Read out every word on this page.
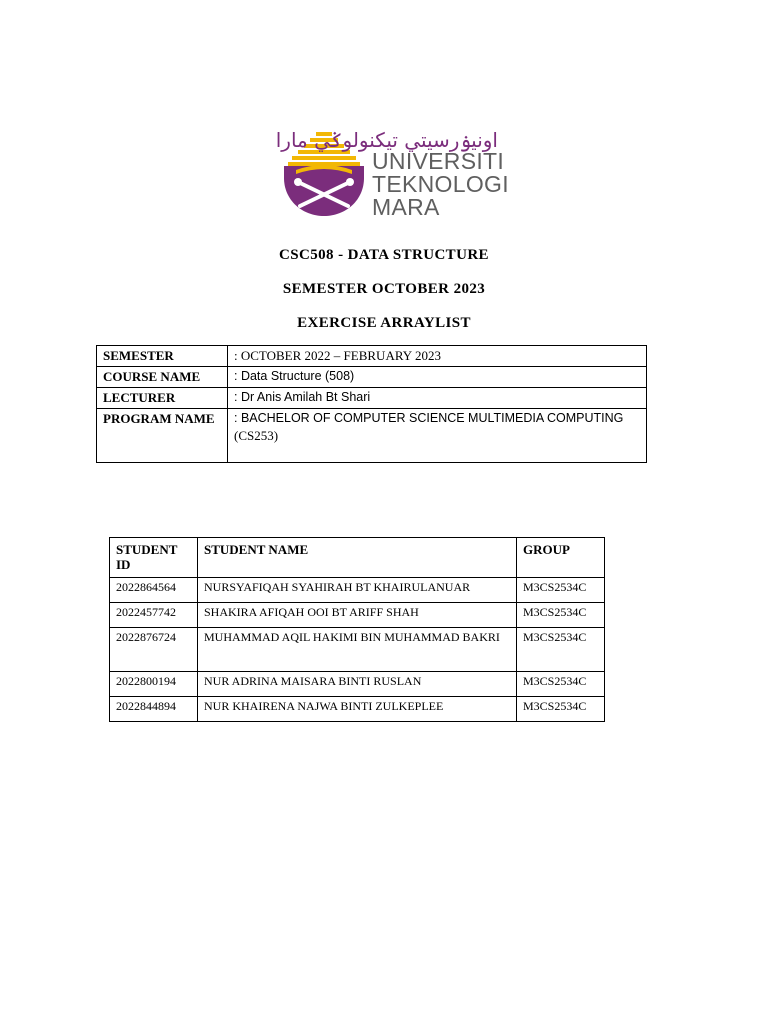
اونيۏرسيتي تيکنولوݢي مارا
UNIVERSITI
TEKNOLOGI
MARA
CSC508 - DATA STRUCTURE
SEMESTER OCTOBER 2023
EXERCISE ARRAYLIST
SEMESTER	: OCTOBER 2022 – FEBRUARY 2023
COURSE NAME	: Data Structure (508)
LECTURER	: Dr Anis Amilah Bt Shari
PROGRAM NAME	: BACHELOR OF COMPUTER SCIENCE MULTIMEDIA COMPUTING
(CS253)
STUDENT ID	STUDENT NAME	GROUP
2022864564	NURSYAFIQAH SYAHIRAH BT KHAIRULANUAR	M3CS2534C
2022457742	SHAKIRA AFIQAH OOI BT ARIFF SHAH	M3CS2534C
2022876724	MUHAMMAD AQIL HAKIMI BIN MUHAMMAD BAKRI	M3CS2534C
2022800194	NUR ADRINA MAISARA BINTI RUSLAN	M3CS2534C
2022844894	NUR KHAIRENA NAJWA BINTI ZULKEPLEE	M3CS2534C
